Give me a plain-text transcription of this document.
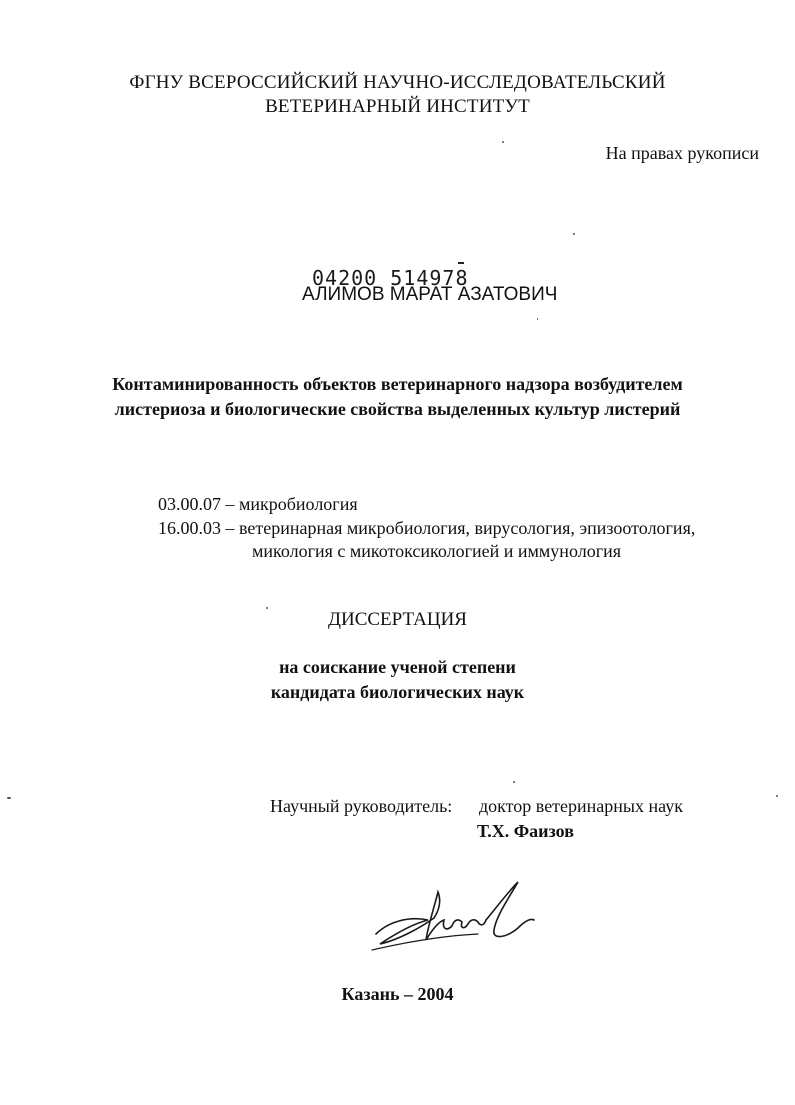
ФГНУ ВСЕРОССИЙСКИЙ НАУЧНО-ИССЛЕДОВАТЕЛЬСКИЙ
ВЕТЕРИНАРНЫЙ ИНСТИТУТ
На правах рукописи
04200 514978
АЛИМОВ МАРАТ АЗАТОВИЧ
Контаминированность объектов ветеринарного надзора возбудителем
листериоза и биологические свойства выделенных культур листерий
03.00.07 – микробиология
16.00.03 – ветеринарная микробиология, вирусология, эпизоотология,
микология с микотоксикологией и иммунология
ДИССЕРТАЦИЯ
на соискание ученой степени
кандидата биологических наук
Научный руководитель: доктор ветеринарных наук
Т.Х. Фаизов
Казань – 2004
